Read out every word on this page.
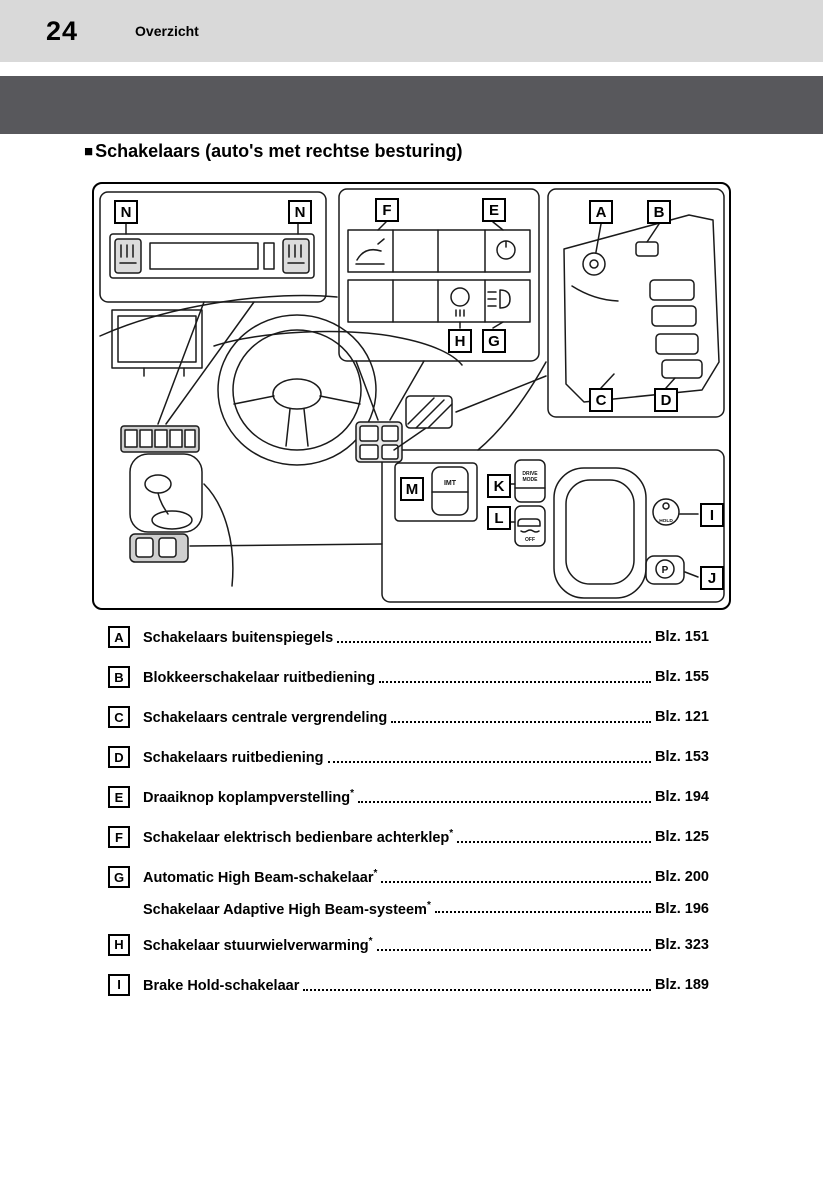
24	Overzicht
■ Schakelaars (auto's met rechtse besturing)
IMT
DRIVE
MODE
OFF
HOLD
P
N	N	F	E	A	B
H	G
C	D
M	K
L	I
J
A	Schakelaars buitenspiegels	Blz. 151
B	Blokkeerschakelaar ruitbediening	Blz. 155
C	Schakelaars centrale vergrendeling	Blz. 121
D	Schakelaars ruitbediening	Blz. 153
E	Draaiknop koplampverstelling*	Blz. 194
F	Schakelaar elektrisch bedienbare achterklep*	Blz. 125
G	Automatic High Beam-schakelaar*	Blz. 200
Schakelaar Adaptive High Beam-systeem*	Blz. 196
H	Schakelaar stuurwielverwarming*	Blz. 323
I	Brake Hold-schakelaar	Blz. 189
